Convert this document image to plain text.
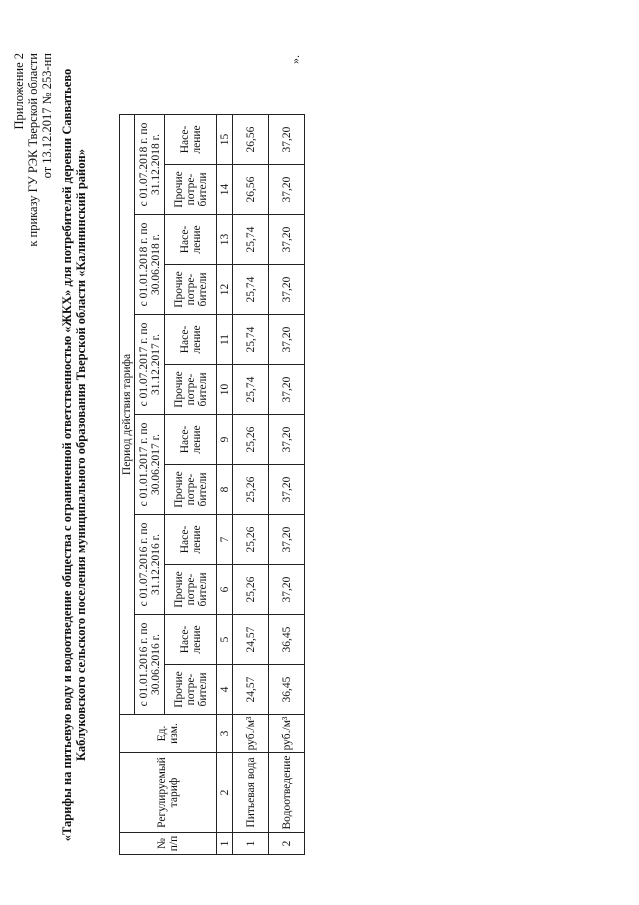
Приложение 2 к приказу ГУ РЭК Тверской области от 13.12.2017 № 253-нп «Тарифы на питьевую воду и водоотведение общества с ограниченной ответственностью «ЖКХ» для потребителей деревни Савватьево Каблуковского сельского поселения муниципального образования Тверской области «Калининский район»
№ п/п	Регулируемый тариф	Ед. изм.	Период действия тарифа											
			с 01.01.2016 г. по 30.06.2016 г.		с 01.07.2016 г. по 31.12.2016 г.		с 01.01.2017 г. по 30.06.2017 г.		с 01.07.2017 г. по 31.12.2017 г.		с 01.01.2018 г. по 30.06.2018 г.		с 01.07.2018 г. по 31.12.2018 г.	
			Прочие потре-бители	Насе-ление	Прочие потре-бители	Насе-ление	Прочие потре-бители	Насе-ление	Прочие потре-бители	Насе-ление	Прочие потре-бители	Насе-ление	Прочие потре-бители	Насе-ление
1	2	3	4	5	6	7	8	9	10	11	12	13	14	15
1	Питьевая вода	руб./м³	24,57	24,57	25,26	25,26	25,26	25,26	25,74	25,74	25,74	25,74	26,56	26,56
2	Водоотведение	руб./м³	36,45	36,45	37,20	37,20	37,20	37,20	37,20	37,20	37,20	37,20	37,20	37,20
».
